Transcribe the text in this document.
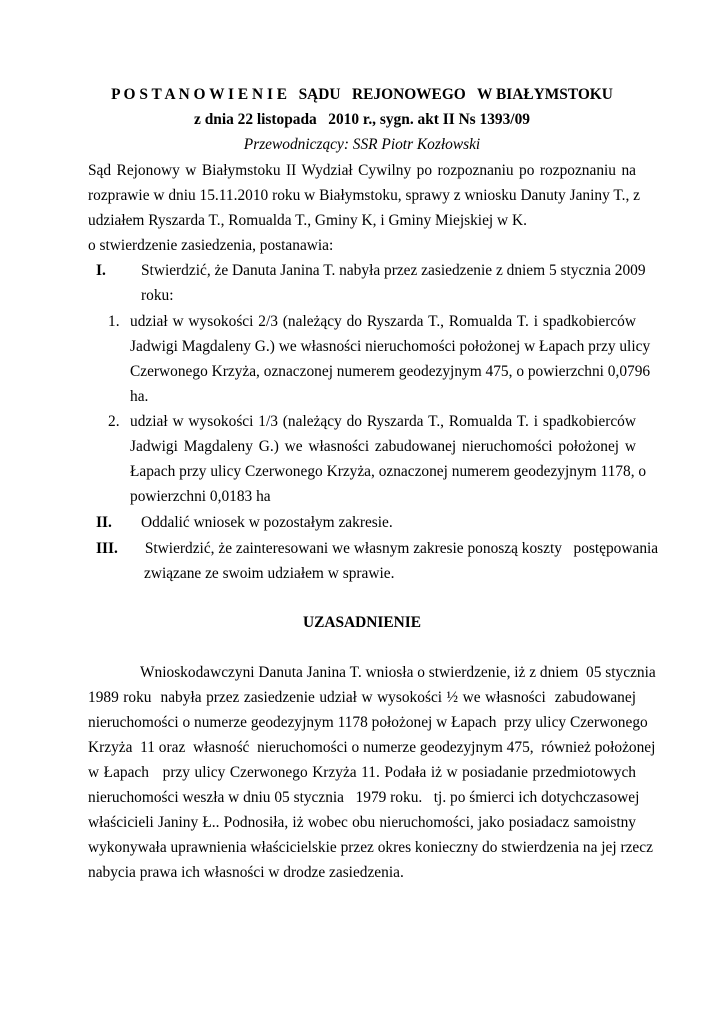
P O S T A N O W I E N I E   SĄDU   REJONOWEGO   W BIAŁYMSTOKU
z dnia 22 listopada   2010 r., sygn. akt II Ns 1393/09
Przewodniczący: SSR Piotr Kozłowski
Sąd Rejonowy w Białymstoku II Wydział Cywilny po rozpoznaniu po rozpoznaniu na
rozprawie w dniu 15.11.2010 roku w Białymstoku, sprawy z wniosku Danuty Janiny T., z
udziałem Ryszarda T., Romualda T., Gminy K, i Gminy Miejskiej w K.
o stwierdzenie zasiedzenia, postanawia:
I. Stwierdzić, że Danuta Janina T. nabyła przez zasiedzenie z dniem 5 stycznia 2009
roku:
1. udział w wysokości 2/3 (należący do Ryszarda T., Romualda T. i spadkobierców
Jadwigi Magdaleny G.) we własności nieruchomości położonej w Łapach przy ulicy
Czerwonego Krzyża, oznaczonej numerem geodezyjnym 475, o powierzchni 0,0796
ha.
2. udział w wysokości 1/3 (należący do Ryszarda T., Romualda T. i spadkobierców
Jadwigi Magdaleny G.) we własności zabudowanej nieruchomości położonej w
Łapach przy ulicy Czerwonego Krzyża, oznaczonej numerem geodezyjnym 1178, o
powierzchni 0,0183 ha
II. Oddalić wniosek w pozostałym zakresie.
III. Stwierdzić, że zainteresowani we własnym zakresie ponoszą koszty   postępowania
związane ze swoim udziałem w sprawie.
UZASADNIENIE
Wnioskodawczyni Danuta Janina T. wniosła o stwierdzenie, iż z dniem  05 stycznia
1989 roku  nabyła przez zasiedzenie udział w wysokości ½ we własności  zabudowanej
nieruchomości o numerze geodezyjnym 1178 położonej w Łapach  przy ulicy Czerwonego
Krzyża  11 oraz  własność  nieruchomości o numerze geodezyjnym 475,  również położonej
w Łapach   przy ulicy Czerwonego Krzyża 11. Podała iż w posiadanie przedmiotowych
nieruchomości weszła w dniu 05 stycznia   1979 roku.   tj. po śmierci ich dotychczasowej
właścicieli Janiny Ł.. Podnosiła, iż wobec obu nieruchomości, jako posiadacz samoistny
wykonywała uprawnienia właścicielskie przez okres konieczny do stwierdzenia na jej rzecz
nabycia prawa ich własności w drodze zasiedzenia.
